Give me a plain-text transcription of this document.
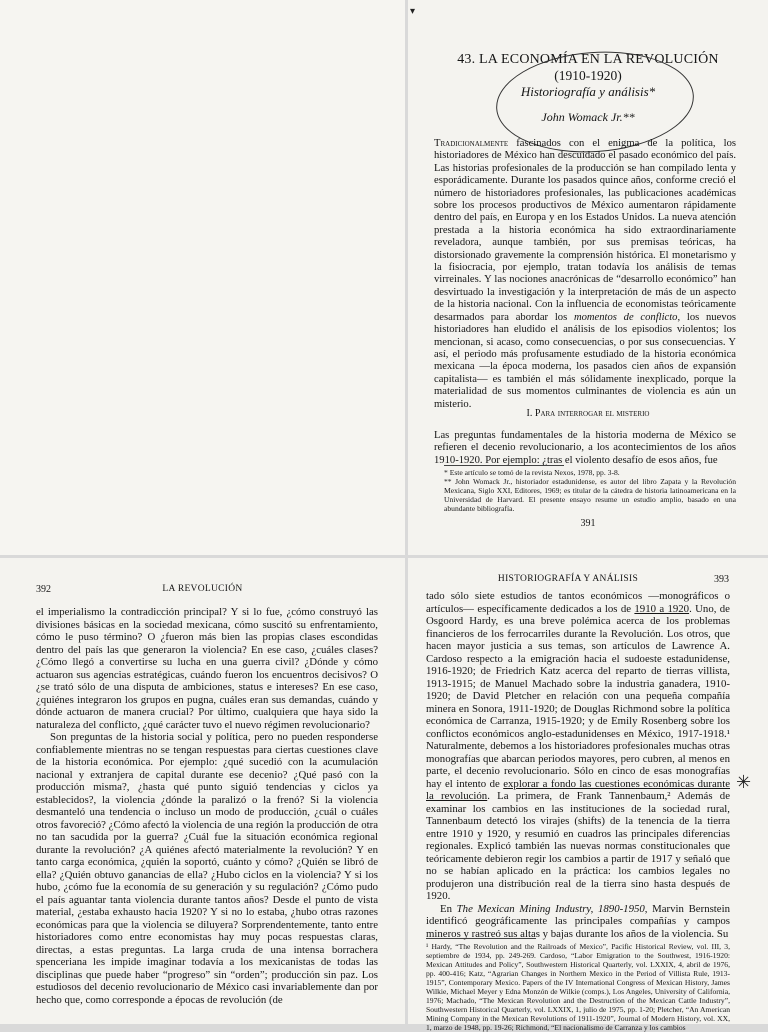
▾
43. LA ECONOMÍA EN LA REVOLUCIÓN
(1910-1920)
Historiografía y análisis*
John Womack Jr.**

Tradicionalmente fascinados con el enigma de la política, los historiadores de México han descuidado el pasado económico del país. Las historias profesionales de la producción se han compilado lenta y esporádicamente. Durante los pasados quince años, conforme creció el número de historiadores profesionales, las publicaciones académicas sobre los procesos productivos de México aumentaron rápidamente dentro del país, en Europa y en los Estados Unidos. La nueva atención prestada a la historia económica ha sido extraordinariamente reveladora, aunque también, por sus premisas teóricas, ha distorsionado gravemente la comprensión histórica. El monetarismo y la fisiocracia, por ejemplo, tratan todavía los análisis de temas virreinales. Y las nociones anacrónicas de “desarrollo económico” han desvirtuado la investigación y la interpretación de más de un aspecto de la historia nacional. Con la influencia de economistas teóricamente desarmados para abordar los momentos de conflicto, los nuevos historiadores han eludido el análisis de los episodios violentos; los mencionan, si acaso, como consecuencias, o por sus consecuencias. Y así, el periodo más profusamente estudiado de la historia económica mexicana —la época moderna, los pasados cien años de expansión capitalista— es también el más sólidamente inexplicado, porque la materialidad de sus momentos culminantes de violencia es aún un misterio.

I. Para interrogar el misterio

Las preguntas fundamentales de la historia moderna de México se refieren el decenio revolucionario, a los acontecimientos de los años 1910-1920. Por ejemplo: ¿tras el violento desafío de esos años, fue

* Este artículo se tomó de la revista Nexos, 1978, pp. 3-8.

** John Womack Jr., historiador estadunidense, es autor del libro Zapata y la Revolución Mexicana, Siglo XXI, Editores, 1969; es titular de la cátedra de historia latinoamericana en la Universidad de Harvard. El presente ensayo resume un estudio amplio, basado en una abundante bibliografía.

391
392	LA REVOLUCIÓN

el imperialismo la contradicción principal? Y si lo fue, ¿cómo construyó las divisiones básicas en la sociedad mexicana, cómo suscitó su enfrentamiento, cómo le puso término? O ¿fueron más bien las propias clases escondidas dentro del país las que generaron la violencia? En ese caso, ¿cuáles clases? ¿Cómo llegó a convertirse su lucha en una guerra civil? ¿Dónde y cómo actuaron sus agencias estratégicas, cuándo fueron los encuentros decisivos? O ¿se trató sólo de una disputa de ambiciones, status e intereses? En ese caso, ¿quiénes integraron los grupos en pugna, cuáles eran sus demandas, cuándo y dónde actuaron de manera crucial? Por último, cualquiera que haya sido la naturaleza del conflicto, ¿qué carácter tuvo el nuevo régimen revolucionario?

Son preguntas de la historia social y política, pero no pueden responderse confiablemente mientras no se tengan respuestas para ciertas cuestiones clave de la historia económica. Por ejemplo: ¿qué sucedió con la acumulación nacional y extranjera de capital durante ese decenio? ¿Qué pasó con la producción misma?, ¿hasta qué punto siguió tendencias y ciclos ya establecidos?, la violencia ¿dónde la paralizó o la frenó? Si la violencia desmanteló una tendencia o incluso un modo de producción, ¿cuál o cuáles otros favoreció? ¿Cómo afectó la violencia de una región la producción de otra no tan sacudida por la guerra? ¿Cuál fue la situación económica regional durante la revolución? ¿A quiénes afectó materialmente la revolución? Y en tanto carga económica, ¿quién la soportó, cuánto y cómo? ¿Quién se libró de ella? ¿Quién obtuvo ganancias de ella? ¿Hubo ciclos en la violencia? Y si los hubo, ¿cómo fue la economía de su generación y su regulación? ¿Cómo pudo el país aguantar tanta violencia durante tantos años? Desde el punto de vista material, ¿estaba exhausto hacia 1920? Y si no lo estaba, ¿hubo otras razones económicas para que la violencia se diluyera? Sorprendentemente, tanto entre historiadores como entre economistas hay muy pocas respuestas claras, directas, a estas preguntas. La larga cruda de una intensa borrachera spenceriana les impide imaginar todavía a los mexicanistas de todas las disciplinas que puede haber “progreso” sin “orden”; producción sin paz. Los estudiosos del decenio revolucionario de México casi invariablemente dan por hecho que, como corresponde a épocas de revolución (de

HISTORIOGRAFÍA Y ANÁLISIS	393

tado sólo siete estudios de tantos económicos —monográficos o artículos— específicamente dedicados a los de 1910 a 1920. Uno, de Osgoord Hardy, es una breve polémica acerca de los problemas financieros de los ferrocarriles durante la Revolución. Los otros, que hacen mayor justicia a sus temas, son artículos de Lawrence A. Cardoso respecto a la emigración hacia el sudoeste estadunidense, 1916-1920; de Friedrich Katz acerca del reparto de tierras villista, 1913-1915; de Manuel Machado sobre la industria ganadera, 1910-1920; de David Pletcher en relación con una pequeña compañía minera en Sonora, 1911-1920; de Douglas Richmond sobre la política económica de Carranza, 1915-1920; y de Emily Rosenberg sobre los conflictos económicos anglo-estadunidenses en México, 1917-1918.¹ Naturalmente, debemos a los historiadores profesionales muchas otras monografías que abarcan periodos mayores, pero cubren, al menos en parte, el decenio revolucionario. Sólo en cinco de esas monografías hay el intento de explorar a fondo las cuestiones económicas durante la revolución. La primera, de Frank Tannenbaum,² Además de examinar los cambios en las instituciones de la sociedad rural, Tannenbaum detectó los virajes (shifts) de la tenencia de la tierra entre 1910 y 1920, y resumió en cuadros las principales diferencias regionales. Explicó también las nuevas normas constitucionales que teóricamente debieron regir los cambios a partir de 1917 y señaló que no se habían aplicado en la práctica: los cambios legales no produjeron una distribución real de la tierra sino hasta después de 1920.

En The Mexican Mining Industry, 1890-1950, Marvin Bernstein identificó geográficamente las principales compañías y campos mineros y rastreó sus altas y bajas durante los años de la violencia. Su

✳

¹ Hardy, “The Revolution and the Railroads of Mexico”, Pacific Historical Review, vol. III, 3, septiembre de 1934, pp. 249-269. Cardoso, “Labor Emigration to the Southwest, 1916-1920: Mexican Attitudes and Policy”, Southwestern Historical Quarterly, vol. LXXIX, 4, abril de 1976, pp. 400-416; Katz, “Agrarian Changes in Northern Mexico in the Period of Villista Rule, 1913-1915”, Contemporary Mexico. Papers of the IV International Congress of Mexican History, James Wilkie, Michael Meyer y Edna Monzón de Wilkie (comps.), Los Angeles, University of California, 1976; Machado, “The Mexican Revolution and the Destruction of the Mexican Cattle Industry”, Southwestern Historical Quarterly, vol. LXXIX, 1, julio de 1975, pp. 1-20; Pletcher, “An American Mining Company in the Mexican Revolutions of 1911-1920”, Journal of Modern History, vol. XX, 1, marzo de 1948, pp. 19-26; Richmond, “El nacionalismo de Carranza y los cambios
